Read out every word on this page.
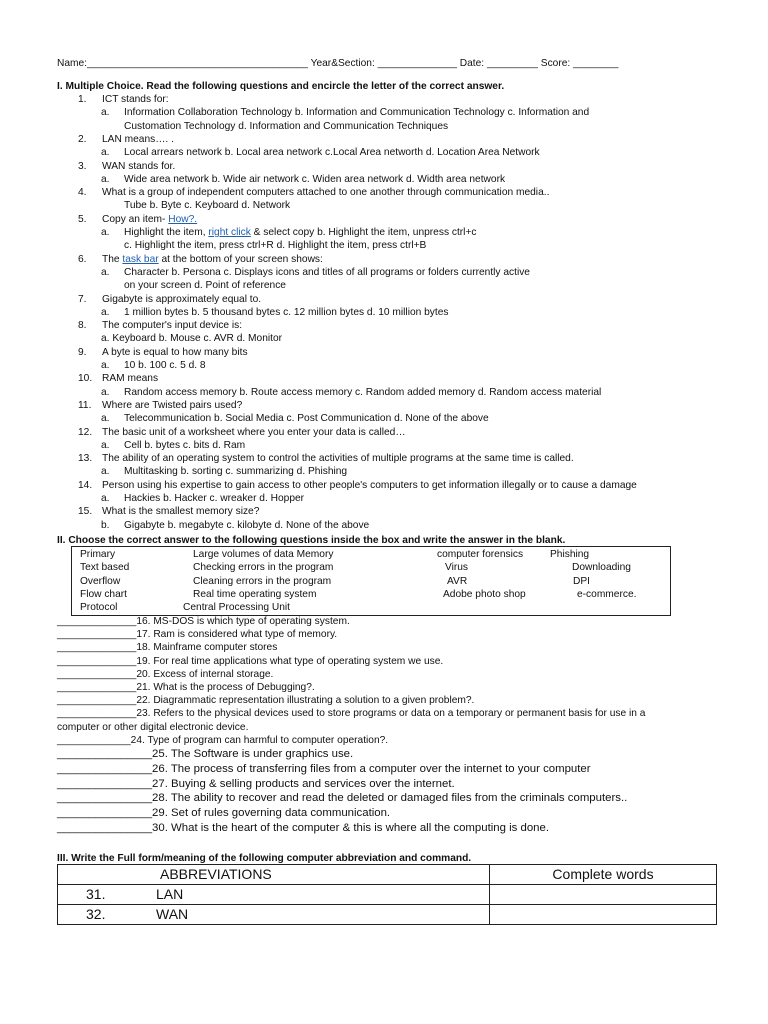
Name:_______________________________________ Year&Section: ______________ Date: _________ Score: ________
I. Multiple Choice. Read the following questions and encircle the letter of the correct answer.
1. ICT stands for:
a. Information Collaboration Technology b. Information and Communication Technology c. Information and
Customation Technology d. Information and Communication Techniques
2. LAN means…. .
a. Local arrears network b. Local area network c.Local Area networth d. Location Area Network
3. WAN stands for.
a. Wide area network b. Wide air network c. Widen area network d. Width area network
4. What is a group of independent computers attached to one another through communication media..
Tube b. Byte c. Keyboard d. Network
5. Copy an item- How?.
a. Highlight the item, right click & select copy b. Highlight the item, unpress ctrl+c
c. Highlight the item, press ctrl+R d. Highlight the item, press ctrl+B
6. The task bar at the bottom of your screen shows:
a. Character b. Persona c. Displays icons and titles of all programs or folders currently active
on your screen d. Point of reference
7. Gigabyte is approximately equal to.
a. 1 million bytes b. 5 thousand bytes c. 12 million bytes d. 10 million bytes
8. The computer's input device is:
a. Keyboard b. Mouse c. AVR d. Monitor
9. A byte is equal to how many bits
a. 10 b. 100 c. 5 d. 8
10. RAM means
a. Random access memory b. Route access memory c. Random added memory d. Random access material
11. Where are Twisted pairs used?
a. Telecommunication b. Social Media c. Post Communication d. None of the above
12. The basic unit of a worksheet where you enter your data is called…
a. Cell b. bytes c. bits d. Ram
13. The ability of an operating system to control the activities of multiple programs at the same time is called.
a. Multitasking b. sorting c. summarizing d. Phishing
14. Person using his expertise to gain access to other people's computers to get information illegally or to cause a damage
a. Hackies b. Hacker c. wreaker d. Hopper
15. What is the smallest memory size?
b. Gigabyte b. megabyte c. kilobyte d. None of the above
II. Choose the correct answer to the following questions inside the box and write the answer in the blank.
Primary	Large volumes of data Memory	computer forensics	Phishing
Text based	Checking errors in the program	Virus	Downloading
Overflow	Cleaning errors in the program	AVR	DPI
Flow chart	Real time operating system	Adobe photo shop	e-commerce.
Protocol	Central Processing Unit
______________16. MS-DOS is which type of operating system.
______________17. Ram is considered what type of memory.
______________18. Mainframe computer stores
______________19. For real time applications what type of operating system we use.
______________20. Excess of internal storage.
______________21. What is the process of Debugging?.
______________22. Diagrammatic representation illustrating a solution to a given problem?.
______________23. Refers to the physical devices used to store programs or data on a temporary or permanent basis for use in a
computer or other digital electronic device.
_____________24. Type of program can harmful to computer operation?.
_______________25. The Software is under graphics use.
_______________26. The process of transferring files from a computer over the internet to your computer
_______________27. Buying & selling products and services over the internet.
_______________28. The ability to recover and read the deleted or damaged files from the criminals computers..
_______________29. Set of rules governing data communication.
_______________30. What is the heart of the computer & this is where all the computing is done.
III. Write the Full form/meaning of the following computer abbreviation and command.
ABBREVIATIONS	Complete words
31. LAN	
32. WAN	
